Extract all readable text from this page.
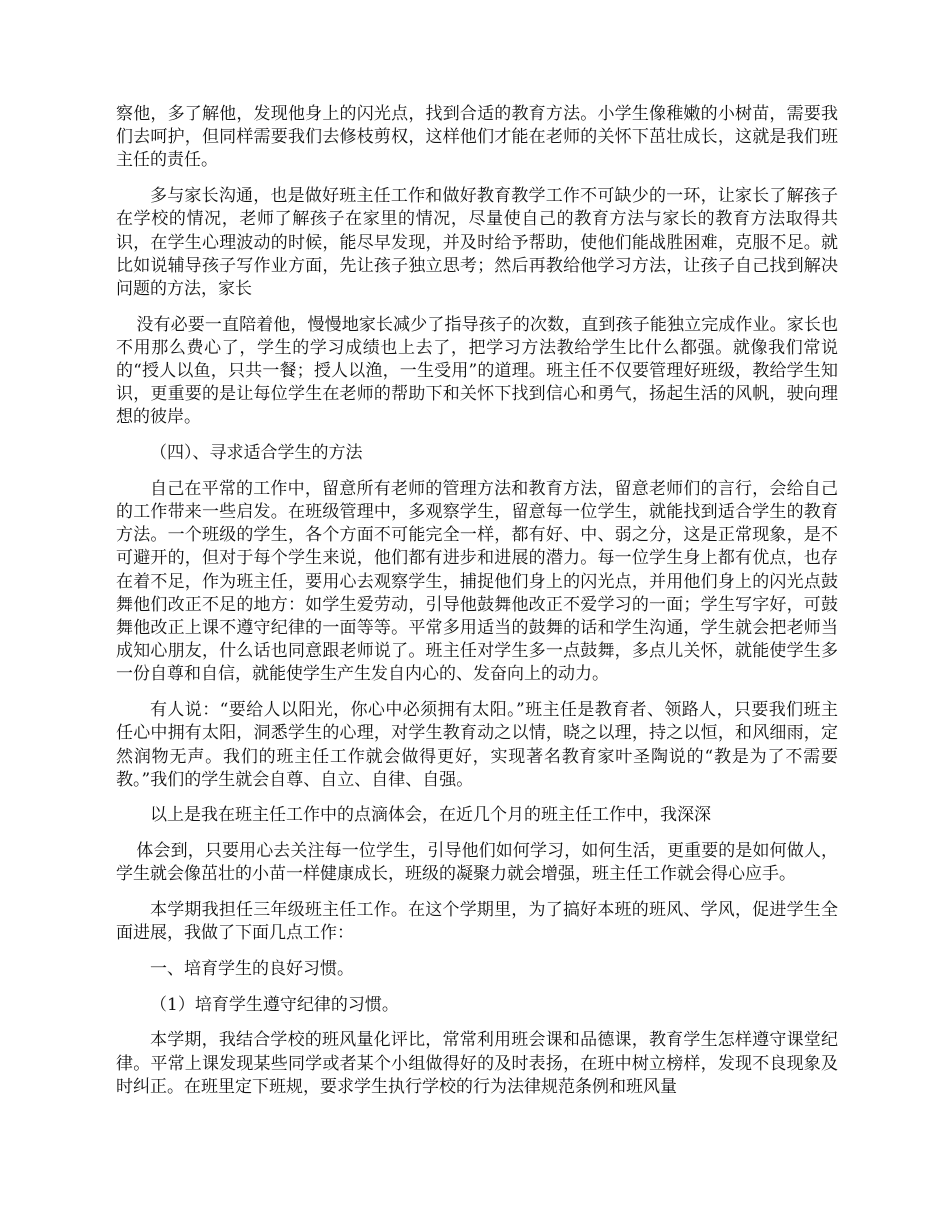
察他，多了解他，发现他身上的闪光点，找到合适的教育方法。小学生像稚嫩的小树苗，需要我们去呵护，但同样需要我们去修枝剪权，这样他们才能在老师的关怀下茁壮成长，这就是我们班主任的责任。

多与家长沟通，也是做好班主任工作和做好教育教学工作不可缺少的一环，让家长了解孩子在学校的情况，老师了解孩子在家里的情况，尽量使自己的教育方法与家长的教育方法取得共识，在学生心理波动的时候，能尽早发现，并及时给予帮助，使他们能战胜困难，克服不足。就比如说辅导孩子写作业方面，先让孩子独立思考；然后再教给他学习方法，让孩子自己找到解决问题的方法，家长

没有必要一直陪着他，慢慢地家长减少了指导孩子的次数，直到孩子能独立完成作业。家长也不用那么费心了，学生的学习成绩也上去了，把学习方法教给学生比什么都强。就像我们常说的“授人以鱼，只共一餐；授人以渔，一生受用”的道理。班主任不仅要管理好班级，教给学生知识，更重要的是让每位学生在老师的帮助下和关怀下找到信心和勇气，扬起生活的风帆，驶向理想的彼岸。

（四）、寻求适合学生的方法

自己在平常的工作中，留意所有老师的管理方法和教育方法，留意老师们的言行，会给自己的工作带来一些启发。在班级管理中，多观察学生，留意每一位学生，就能找到适合学生的教育方法。一个班级的学生，各个方面不可能完全一样，都有好、中、弱之分，这是正常现象，是不可避开的，但对于每个学生来说，他们都有进步和进展的潜力。每一位学生身上都有优点，也存在着不足，作为班主任，要用心去观察学生，捕捉他们身上的闪光点，并用他们身上的闪光点鼓舞他们改正不足的地方：如学生爱劳动，引导他鼓舞他改正不爱学习的一面；学生写字好，可鼓舞他改正上课不遵守纪律的一面等等。平常多用适当的鼓舞的话和学生沟通，学生就会把老师当成知心朋友，什么话也同意跟老师说了。班主任对学生多一点鼓舞，多点儿关怀，就能使学生多一份自尊和自信，就能使学生产生发自内心的、发奋向上的动力。

有人说：“要给人以阳光，你心中必须拥有太阳。”班主任是教育者、领路人，只要我们班主任心中拥有太阳，洞悉学生的心理，对学生教育动之以情，晓之以理，持之以恒，和风细雨，定然润物无声。我们的班主任工作就会做得更好，实现著名教育家叶圣陶说的“教是为了不需要教。”我们的学生就会自尊、自立、自律、自强。

以上是我在班主任工作中的点滴体会，在近几个月的班主任工作中，我深深

体会到，只要用心去关注每一位学生，引导他们如何学习，如何生活，更重要的是如何做人，学生就会像茁壮的小苗一样健康成长，班级的凝聚力就会增强，班主任工作就会得心应手。

本学期我担任三年级班主任工作。在这个学期里，为了搞好本班的班风、学风，促进学生全面进展，我做了下面几点工作：

一、培育学生的良好习惯。

（1）培育学生遵守纪律的习惯。

本学期，我结合学校的班风量化评比，常常利用班会课和品德课，教育学生怎样遵守课堂纪律。平常上课发现某些同学或者某个小组做得好的及时表扬，在班中树立榜样，发现不良现象及时纠正。在班里定下班规，要求学生执行学校的行为法律规范条例和班风量
